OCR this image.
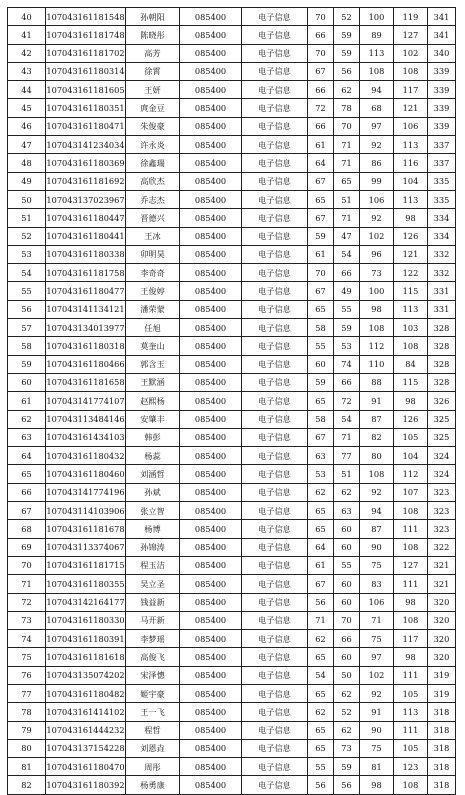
40	107043161181548	孙朝阳	085400	电子信息	70	52	100	119	341
41	107043161181748	陈晓彤	085400	电子信息	66	59	89	127	341
42	107043161181702	高芳	085400	电子信息	70	59	113	102	340
43	107043161180314	徐霄	085400	电子信息	67	56	108	108	339
44	107043161181605	王妍	085400	电子信息	66	62	94	117	339
45	107043161180351	庹金豆	085400	电子信息	72	78	68	121	339
46	107043161180471	朱俊豪	085400	电子信息	66	70	97	106	339
47	107043141234034	许永炎	085400	电子信息	61	71	92	113	337
48	107043161180369	徐鑫瑞	085400	电子信息	64	71	86	116	337
49	107043161181692	高欣杰	085400	电子信息	67	65	99	104	335
50	107043137023967	乔志杰	085400	电子信息	65	51	106	113	335
51	107043161180447	晋德兴	085400	电子信息	67	71	92	98	334
52	107043161180441	王冰	085400	电子信息	59	47	102	126	334
53	107043161180338	卯明昊	085400	电子信息	61	54	96	121	332
54	107043161181758	李奇奇	085400	电子信息	70	66	73	122	332
55	107043161180477	王俊婷	085400	电子信息	67	49	100	115	331
56	107043141134121	潘荣蒙	085400	电子信息	65	55	98	113	331
57	107043134013977	任旭	085400	电子信息	58	59	108	103	328
58	107043161180318	莫奎山	085400	电子信息	55	53	112	108	328
59	107043161180466	郭含玉	085400	电子信息	60	74	110	84	328
60	107043161181658	王默涵	085400	电子信息	59	66	88	115	328
61	107043141774107	赵熙杨	085400	电子信息	65	72	91	98	326
62	107043113484146	安肇丰	085400	电子信息	58	54	87	126	325
63	107043161434103	韩彭	085400	电子信息	67	71	82	105	325
64	107043161180432	杨蕊	085400	电子信息	63	77	80	104	324
65	107043161180460	刘涵哲	085400	电子信息	53	51	108	112	324
66	107043141774196	孙斌	085400	电子信息	62	62	92	107	323
67	107043114103906	张立智	085400	电子信息	65	63	94	108	323
68	107043161181678	杨博	085400	电子信息	65	60	87	111	323
69	107043113374067	孙锦涛	085400	电子信息	64	60	90	108	322
70	107043161181715	程玉洁	085400	电子信息	61	55	75	127	321
71	107043161180355	吴立圣	085400	电子信息	67	60	83	111	321
72	107043142164177	钱益新	085400	电子信息	56	60	106	98	320
73	107043161180330	马开新	085400	电子信息	71	70	71	108	320
74	107043161180391	李梦瑶	085400	电子信息	62	66	75	117	320
75	107043161181618	高俊飞	085400	电子信息	65	60	97	98	320
76	107043135074202	宋泽憓	085400	电子信息	54	50	102	111	319
77	107043161180482	姬宇豪	085400	电子信息	65	62	92	105	319
78	107043161414102	王一飞	085400	电子信息	62	52	91	113	318
79	107043161444232	程哲	085400	电子信息	65	62	90	111	318
80	107043137154228	刘恩垚	085400	电子信息	65	73	75	105	318
81	107043161180470	周彤	085400	电子信息	55	59	81	123	318
82	107043161180392	杨勇康	085400	电子信息	56	56	98	108	318
